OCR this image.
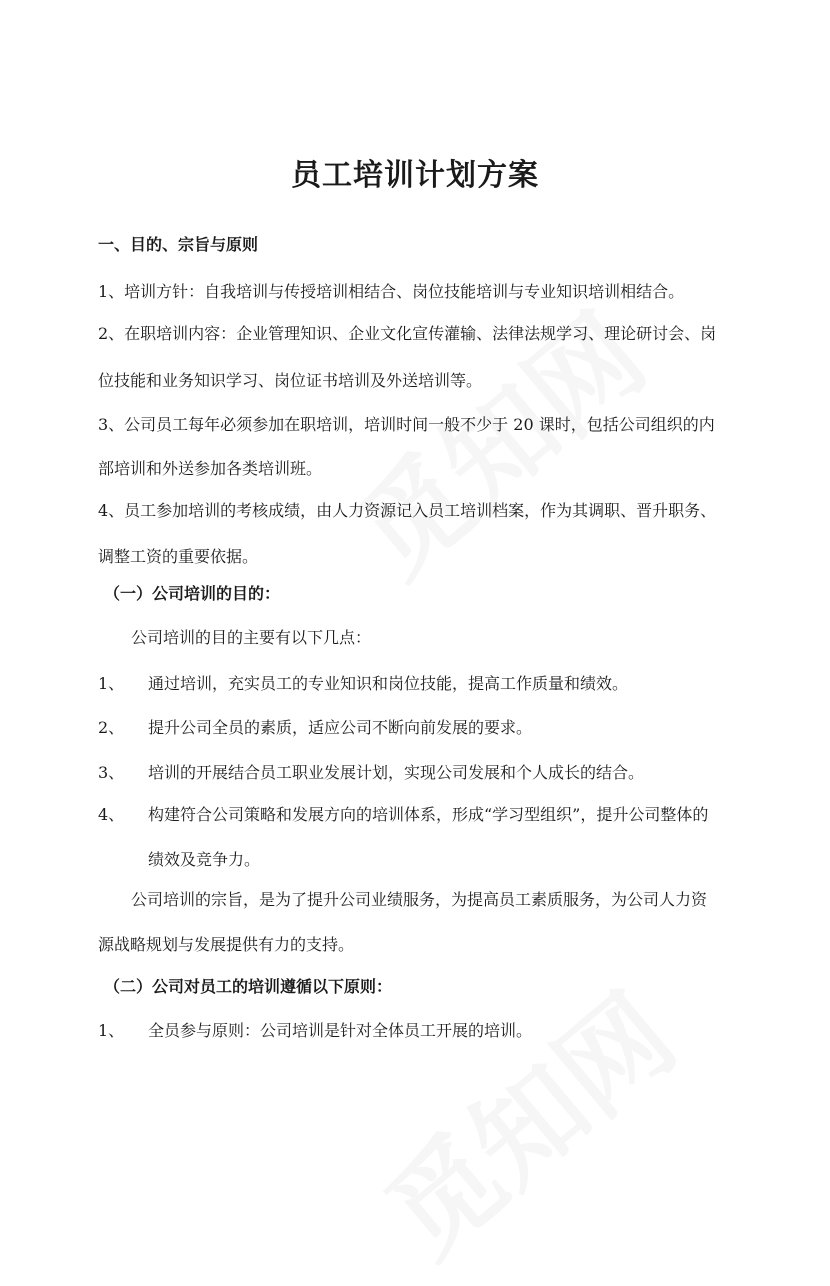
员工培训计划方案
一、目的、宗旨与原则
1、培训方针：自我培训与传授培训相结合、岗位技能培训与专业知识培训相结合。
2、在职培训内容：企业管理知识、企业文化宣传灌输、法律法规学习、理论研讨会、岗
位技能和业务知识学习、岗位证书培训及外送培训等。
3、公司员工每年必须参加在职培训，培训时间一般不少于 20 课时，包括公司组织的内
部培训和外送参加各类培训班。
4、员工参加培训的考核成绩，由人力资源记入员工培训档案，作为其调职、晋升职务、
调整工资的重要依据。
（一）公司培训的目的：
公司培训的目的主要有以下几点：
1、 通过培训，充实员工的专业知识和岗位技能，提高工作质量和绩效。
2、 提升公司全员的素质，适应公司不断向前发展的要求。
3、 培训的开展结合员工职业发展计划，实现公司发展和个人成长的结合。
4、 构建符合公司策略和发展方向的培训体系，形成“学习型组织”，提升公司整体的
绩效及竞争力。
公司培训的宗旨，是为了提升公司业绩服务，为提高员工素质服务，为公司人力资
源战略规划与发展提供有力的支持。
（二）公司对员工的培训遵循以下原则：
1、 全员参与原则：公司培训是针对全体员工开展的培训。
